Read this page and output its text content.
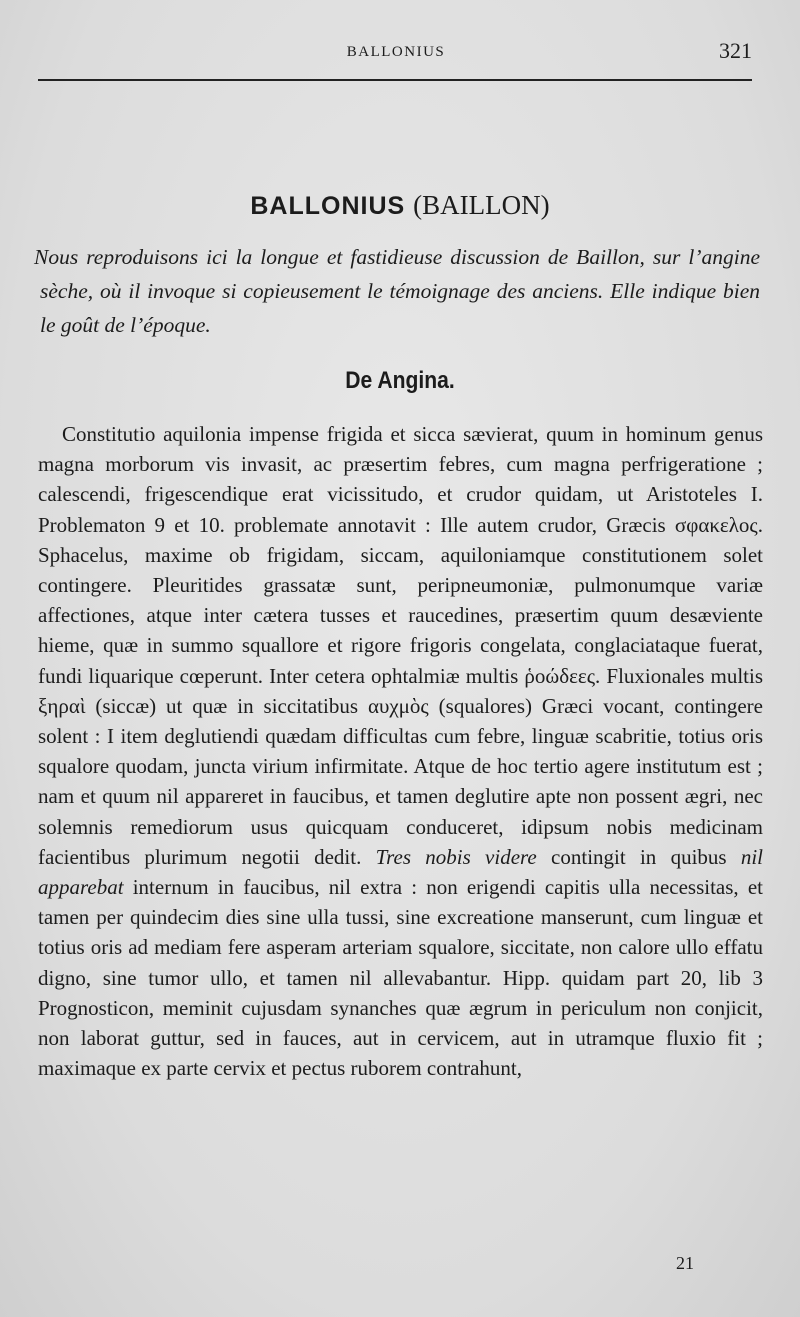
BALLONIUS	321
BALLONIUS (BAILLON)

Nous reproduisons ici la longue et fastidieuse discussion de Baillon, sur l’angine sèche, où il invoque si copieusement le témoignage des anciens. Elle indique bien le goût de l’époque.

De Angina.

Constitutio aquilonia impense frigida et sicca sævierat, quum in hominum genus magna morborum vis invasit, ac præsertim febres, cum magna perfrigeratione ; calescendi, frigescendique erat vicissitudo, et crudor quidam, ut Aristoteles I. Problematon 9 et 10. problemate annotavit : Ille autem crudor, Græcis σφακελος. Sphacelus, maxime ob frigidam, siccam, aquiloniamque constitutionem solet contingere. Pleuritides grassatæ sunt, peripneumoniæ, pulmonumque variæ affectiones, atque inter cætera tusses et raucedines, præsertim quum desæviente hieme, quæ in summo squallore et rigore frigoris congelata, conglaciataque fuerat, fundi liquarique cœperunt. Inter cetera ophtalmiæ multis ῥοώδεες. Fluxionales multis ξηραὶ (siccæ) ut quæ in siccitatibus αυχμὸς (squalores) Græci vocant, contingere solent : I item deglutiendi quædam difficultas cum febre, linguæ scabritie, totius oris squalore quodam, juncta virium infirmitate. Atque de hoc tertio agere institutum est ; nam et quum nil appareret in faucibus, et tamen deglutire apte non possent ægri, nec solemnis remediorum usus quicquam conduceret, idipsum nobis medicinam facientibus plurimum negotii dedit. Tres nobis videre contingit in quibus nil apparebat internum in faucibus, nil extra : non erigendi capitis ulla necessitas, et tamen per quindecim dies sine ulla tussi, sine excreatione manserunt, cum linguæ et totius oris ad mediam fere asperam arteriam squalore, siccitate, non calore ullo effatu digno, sine tumor ullo, et tamen nil allevabantur. Hipp. quidam part 20, lib 3 Prognosticon, meminit cujusdam synanches quæ ægrum in periculum non conjicit, non laborat guttur, sed in fauces, aut in cervicem, aut in utramque fluxio fit ; maximaque ex parte cervix et pectus ruborem contrahunt,

21
